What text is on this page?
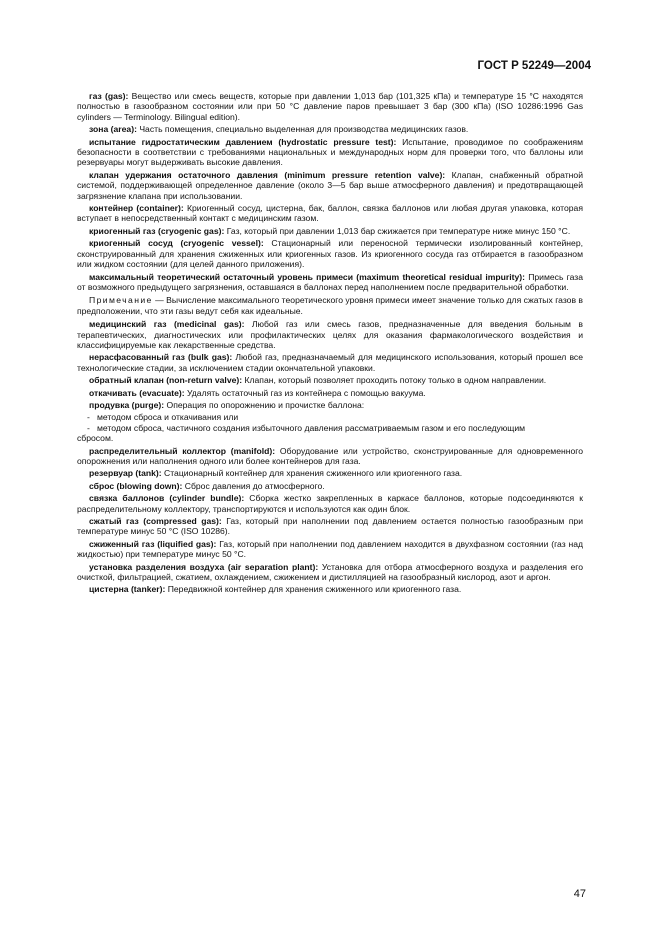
ГОСТ Р 52249—2004

газ (gas): Вещество или смесь веществ, которые при давлении 1,013 бар (101,325 кПа) и температуре 15 °С находятся полностью в газообразном состоянии или при 50 °С давление паров превышает 3 бар (300 кПа) (ISO 10286:1996 Gas cylinders — Terminology. Bilingual edition).

зона (area): Часть помещения, специально выделенная для производства медицинских газов.

испытание гидростатическим давлением (hydrostatic pressure test): Испытание, проводимое по соображениям безопасности в соответствии с требованиями национальных и международных норм для проверки того, что баллоны или резервуары могут выдерживать высокие давления.

клапан удержания остаточного давления (minimum pressure retention valve): Клапан, снабженный обратной системой, поддерживающей определенное давление (около 3—5 бар выше атмосферного давления) и предотвращающей загрязнение клапана при использовании.

контейнер (container): Криогенный сосуд, цистерна, бак, баллон, связка баллонов или любая другая упаковка, которая вступает в непосредственный контакт с медицинским газом.

криогенный газ (cryogenic gas): Газ, который при давлении 1,013 бар сжижается при температуре ниже минус 150 °С.

криогенный сосуд (cryogenic vessel): Стационарный или переносной термически изолированный контейнер, сконструированный для хранения сжиженных или криогенных газов. Из криогенного сосуда газ отбирается в газообразном или жидком состоянии (для целей данного приложения).

максимальный теоретический остаточный уровень примеси (maximum theoretical residual impurity): Примесь газа от возможного предыдущего загрязнения, оставшаяся в баллонах перед наполнением после предварительной обработки.

Примечание — Вычисление максимального теоретического уровня примеси имеет значение только для сжатых газов в предположении, что эти газы ведут себя как идеальные.

медицинский газ (medicinal gas): Любой газ или смесь газов, предназначенные для введения больным в терапевтических, диагностических или профилактических целях для оказания фармакологического воздействия и классифицируемые как лекарственные средства.

нерасфасованный газ (bulk gas): Любой газ, предназначаемый для медицинского использования, который прошел все технологические стадии, за исключением стадии окончательной упаковки.

обратный клапан (non-return valve): Клапан, который позволяет проходить потоку только в одном направлении.

откачивать (evacuate): Удалять остаточный газ из контейнера с помощью вакуума.

продувка (purge): Операция по опорожнению и прочистке баллона:

- методом сброса и откачивания или

- методом сброса, частичного создания избыточного давления рассматриваемым газом и его последующим

сбросом.

распределительный коллектор (manifold): Оборудование или устройство, сконструированные для одновременного опорожнения или наполнения одного или более контейнеров для газа.

резервуар (tank): Стационарный контейнер для хранения сжиженного или криогенного газа.

сброс (blowing down): Сброс давления до атмосферного.

связка баллонов (cylinder bundle): Сборка жестко закрепленных в каркасе баллонов, которые подсоединяются к распределительному коллектору, транспортируются и используются как один блок.

сжатый газ (compressed gas): Газ, который при наполнении под давлением остается полностью газообразным при температуре минус 50 °С (ISO 10286).

сжиженный газ (liquified gas): Газ, который при наполнении под давлением находится в двухфазном состоянии (газ над жидкостью) при температуре минус 50 °С.

установка разделения воздуха (air separation plant): Установка для отбора атмосферного воздуха и разделения его очисткой, фильтрацией, сжатием, охлаждением, сжижением и дистилляцией на газообразный кислород, азот и аргон.

цистерна (tanker): Передвижной контейнер для хранения сжиженного или криогенного газа.

47
